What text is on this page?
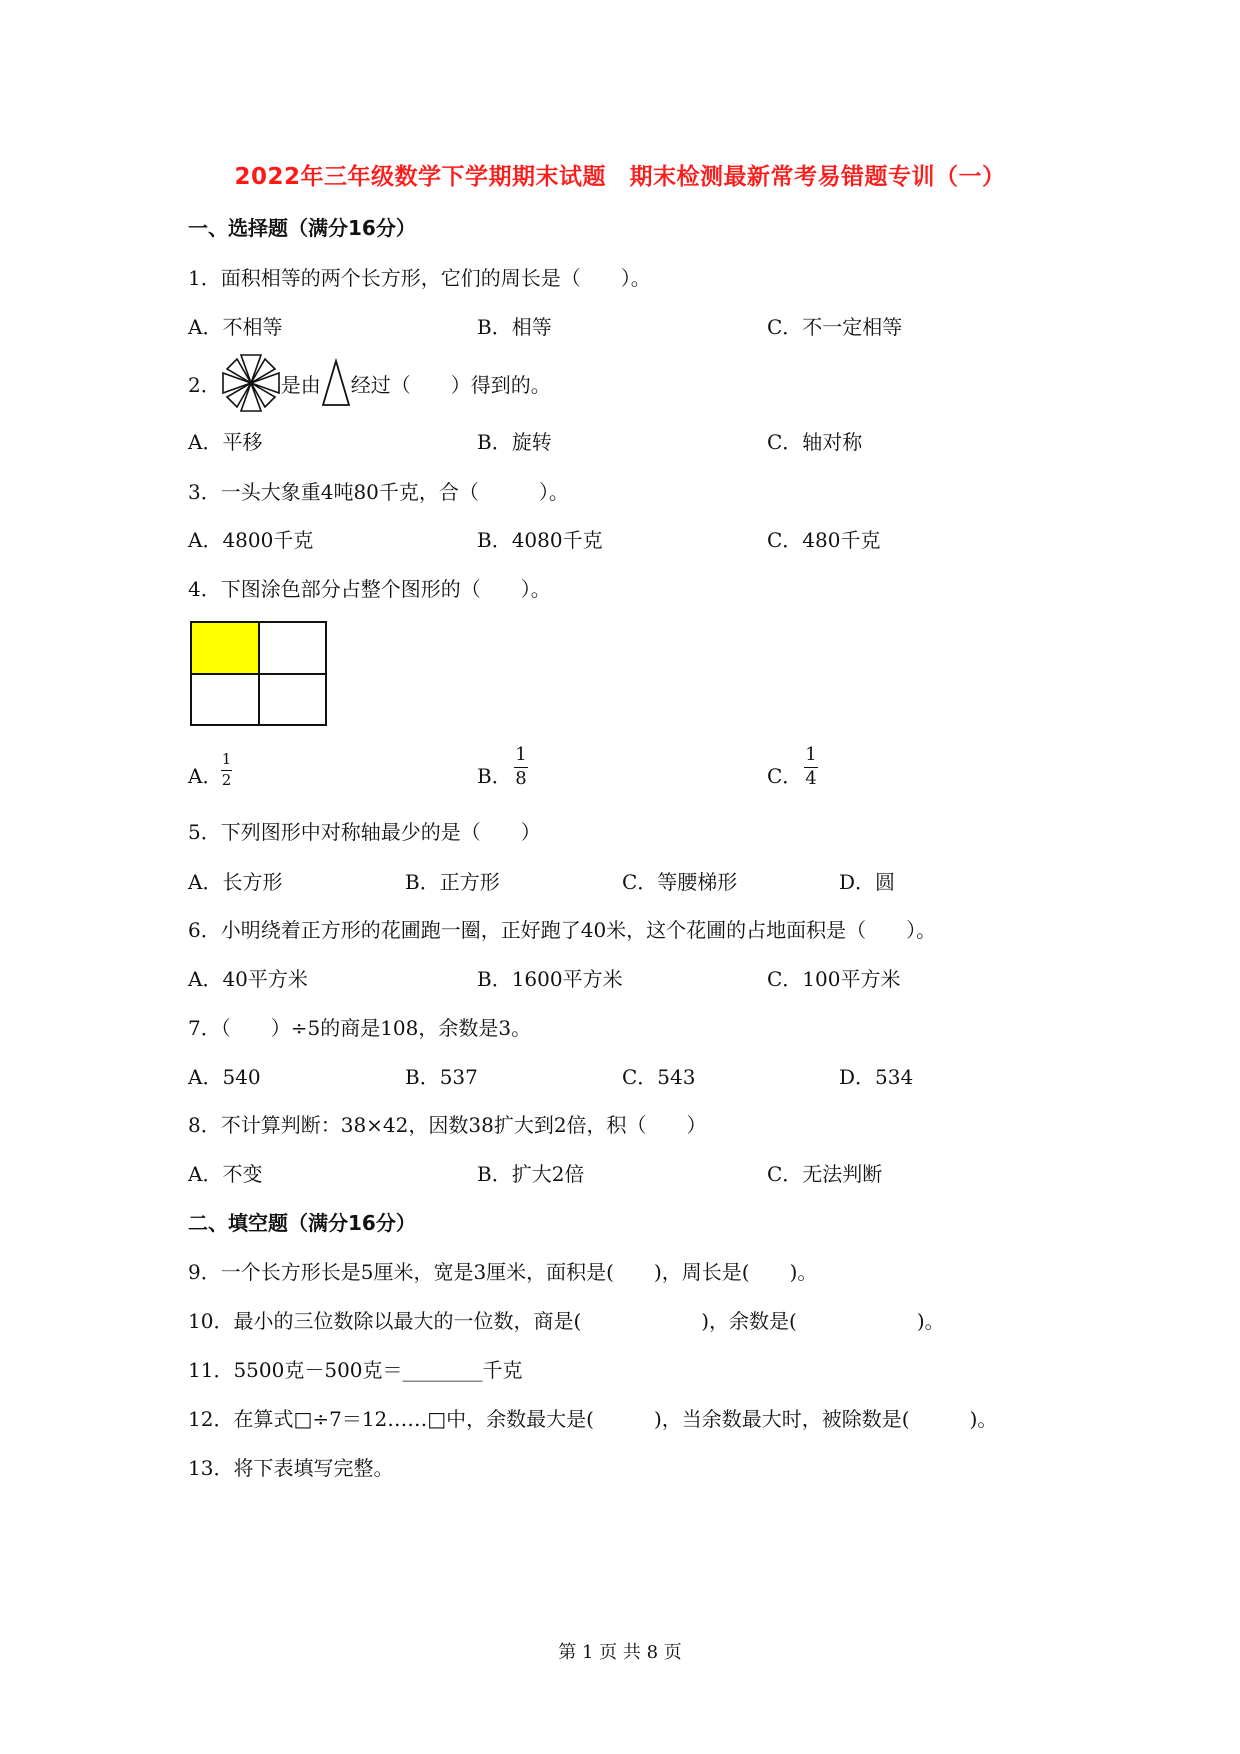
2022年三年级数学下学期期末试题　期末检测最新常考易错题专训（一）
一、选择题（满分16分）
1．面积相等的两个长方形，它们的周长是（　　）。
A．不相等	B．相等	C．不一定相等
2．	是由 经过（　　）得到的。
A．平移	B．旋转	C．轴对称
3．一头大象重4吨80千克，合（　　　）。
A．4800千克	B．4080千克	C．480千克
4．下图涂色部分占整个图形的（　　）。
A．
1
2	B．
1
8	C．
1
4
5．下列图形中对称轴最少的是（　　）
A．长方形	B．正方形	C．等腰梯形	D．圆
6．小明绕着正方形的花圃跑一圈，正好跑了40米，这个花圃的占地面积是（　　）。
A．40平方米	B．1600平方米	C．100平方米
7．（　　）÷5的商是108，余数是3。
A．540	B．537	C．543	D．534
8．不计算判断：38×42，因数38扩大到2倍，积（　　）
A．不变	B．扩大2倍	C．无法判断
二、填空题（满分16分）
9．一个长方形长是5厘米，宽是3厘米，面积是(　　)，周长是(　　)。
10．最小的三位数除以最大的一位数，商是(　　　　　　)，余数是(　　　　　　)。
11．5500克－500克＝________千克
12．在算式□÷7＝12……□中，余数最大是(　　　)，当余数最大时，被除数是(　　　)。
13．将下表填写完整。
第 1 页 共 8 页
